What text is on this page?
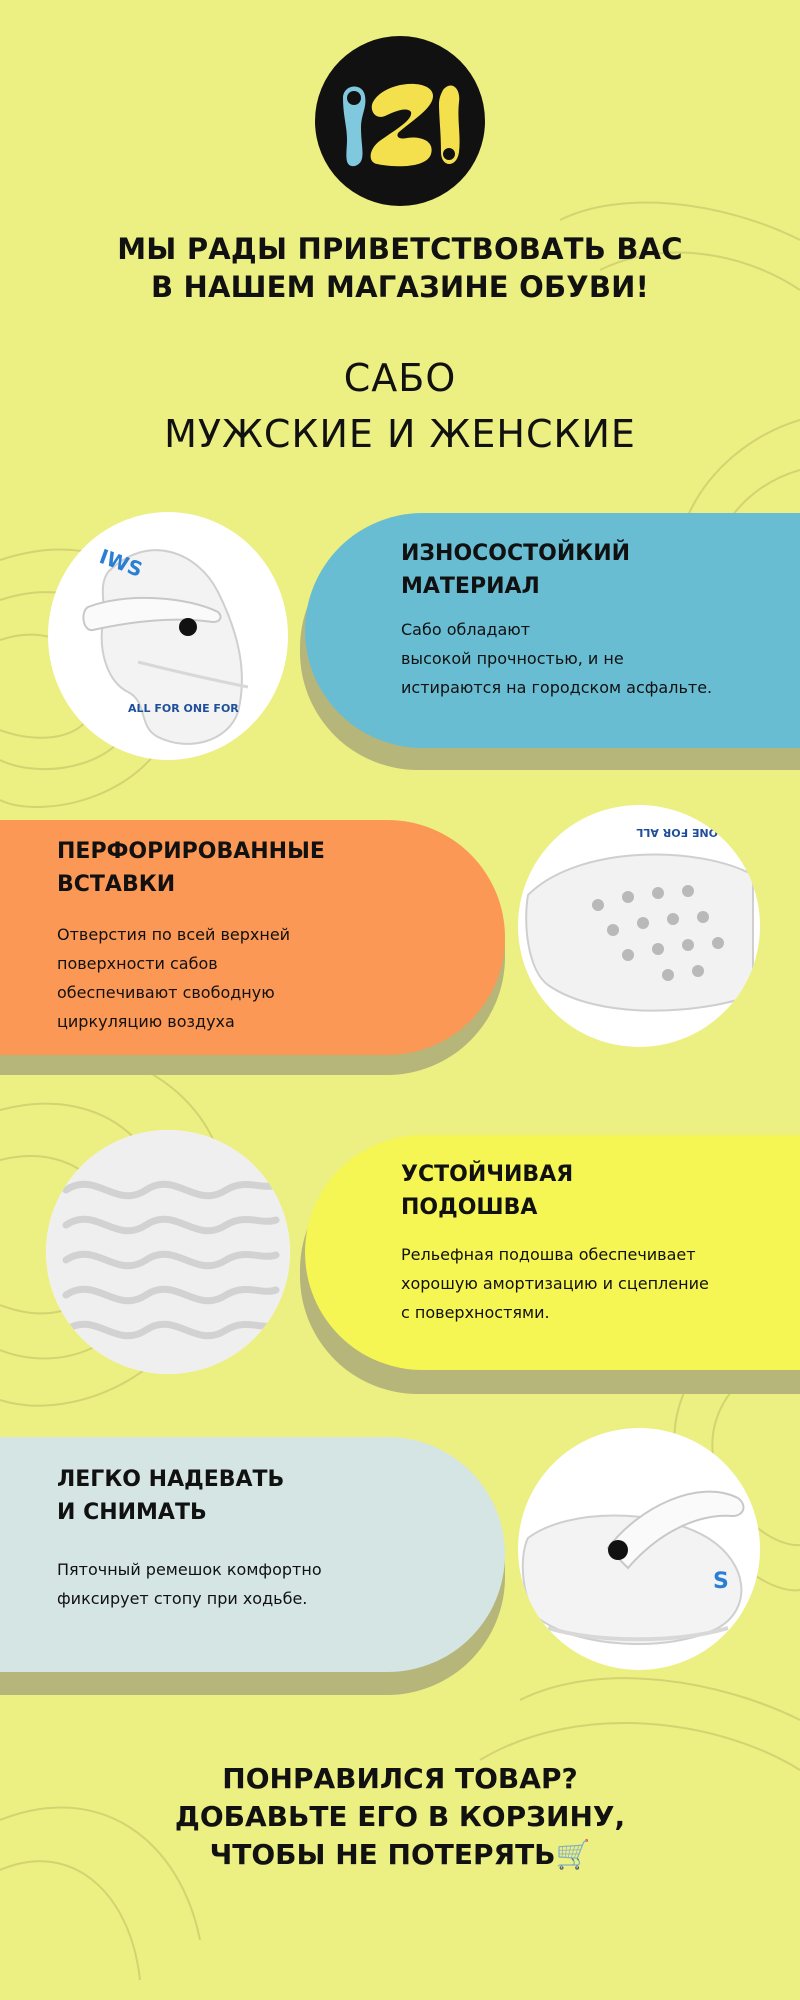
МЫ РАДЫ ПРИВЕТСТВОВАТЬ ВАС
В НАШЕМ МАГАЗИНЕ ОБУВИ!
САБО
МУЖСКИЕ И ЖЕНСКИЕ
ИЗНОСОСТОЙКИЙ
МАТЕРИАЛ
Сабо обладают
высокой прочностью, и не
истираются на городском асфальте.
IWS
ALL FOR ONE FOR
ПЕРФОРИРОВАННЫЕ
ВСТАВКИ
Отверстия по всей верхней
поверхности сабов
обеспечивают свободную
циркуляцию воздуха
ONE FOR ALL
УСТОЙЧИВАЯ
ПОДОШВА
Рельефная подошва обеспечивает
хорошую амортизацию и сцепление
с поверхностями.
ЛЕГКО НАДЕВАТЬ
И СНИМАТЬ
Пяточный ремешок комфортно
фиксирует стопу при ходьбе.
S
ПОНРАВИЛСЯ ТОВАР?
ДОБАВЬТЕ ЕГО В КОРЗИНУ,
ЧТОБЫ НЕ ПОТЕРЯТЬ🛒
